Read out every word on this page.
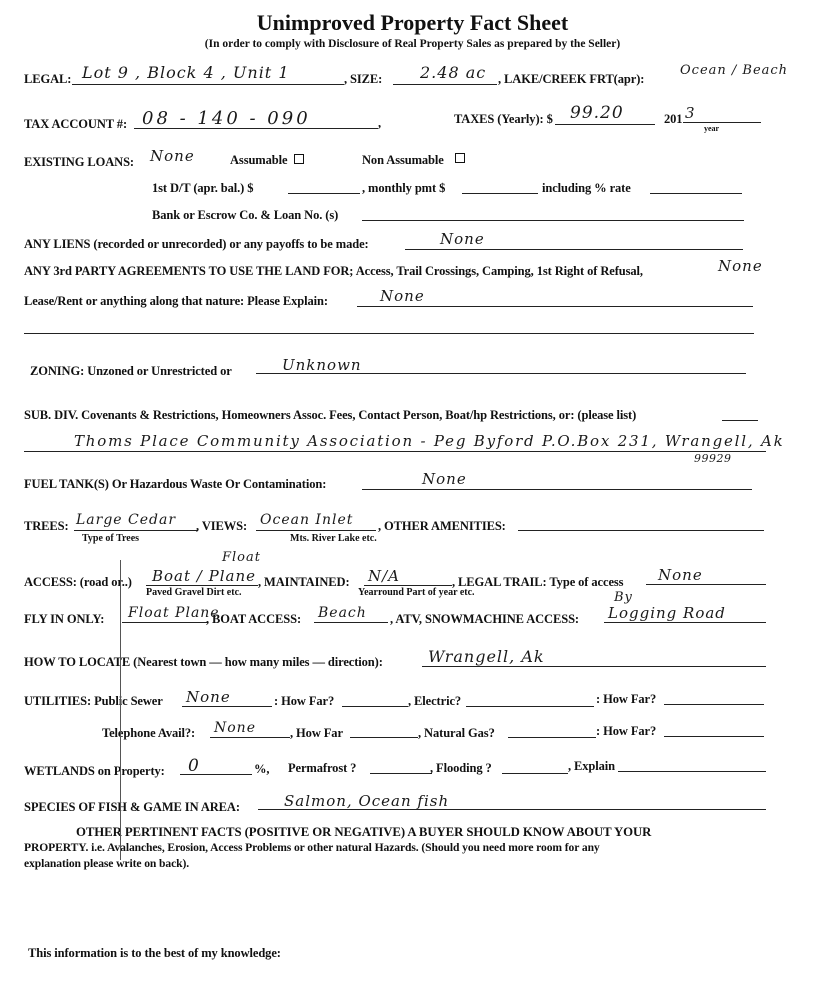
Unimproved Property Fact Sheet
(In order to comply with Disclosure of Real Property Sales as prepared by the Seller)
LEGAL: Lot 9 , Block 4 , Unit 1	, SIZE: 2.48 ac , LAKE/CREEK FRT(apr):
Ocean / Beach
TAX ACCOUNT #: 08 - 140 - 090	,	TAXES (Yearly): $ 99.20	201 3
year
EXISTING LOANS: None	Assumable	Non Assumable
1st D/T (apr. bal.) $	, monthly pmt $	including % rate
Bank or Escrow Co. & Loan No. (s)
ANY LIENS (recorded or unrecorded) or any payoffs to be made:	None
ANY 3rd PARTY AGREEMENTS TO USE THE LAND FOR; Access, Trail Crossings, Camping, 1st Right of Refusal,	None
Lease/Rent or anything along that nature: Please Explain:	None
ZONING: Unzoned or Unrestricted or	Unknown
SUB. DIV. Covenants & Restrictions, Homeowners Assoc. Fees, Contact Person, Boat/hp Restrictions, or: (please list)
Thoms Place Community Association - Peg Byford P.O.Box 231, Wrangell, Ak
99929
FUEL TANK(S) Or Hazardous Waste Or Contamination:	None
TREES: Large Cedar
Type of Trees
, VIEWS: Ocean Inlet
Mts. River Lake etc.
, OTHER AMENITIES:
Float
ACCESS: (road or..) Boat / Plane
Paved Gravel Dirt etc.
, MAINTAINED: N/A
Yearround Part of year etc.
, LEGAL TRAIL: Type of access None
By
FLY IN ONLY: Float Plane
, BOAT ACCESS: Beach , ATV, SNOWMACHINE ACCESS: Logging Road
HOW TO LOCATE (Nearest town — how many miles — direction):	Wrangell, Ak
UTILITIES: Public Sewer None	: How Far?	, Electric?	: How Far?
Telephone Avail?: None	, How Far	, Natural Gas?	: How Far?
WETLANDS on Property: 0	%, Permafrost ?	, Flooding ?	, Explain
SPECIES OF FISH & GAME IN AREA:	Salmon, Ocean fish
OTHER PERTINENT FACTS (POSITIVE OR NEGATIVE) A BUYER SHOULD KNOW ABOUT YOUR
PROPERTY. i.e. Avalanches, Erosion, Access Problems or other natural Hazards. (Should you need more room for any
explanation please write on back).
This information is to the best of my knowledge:
